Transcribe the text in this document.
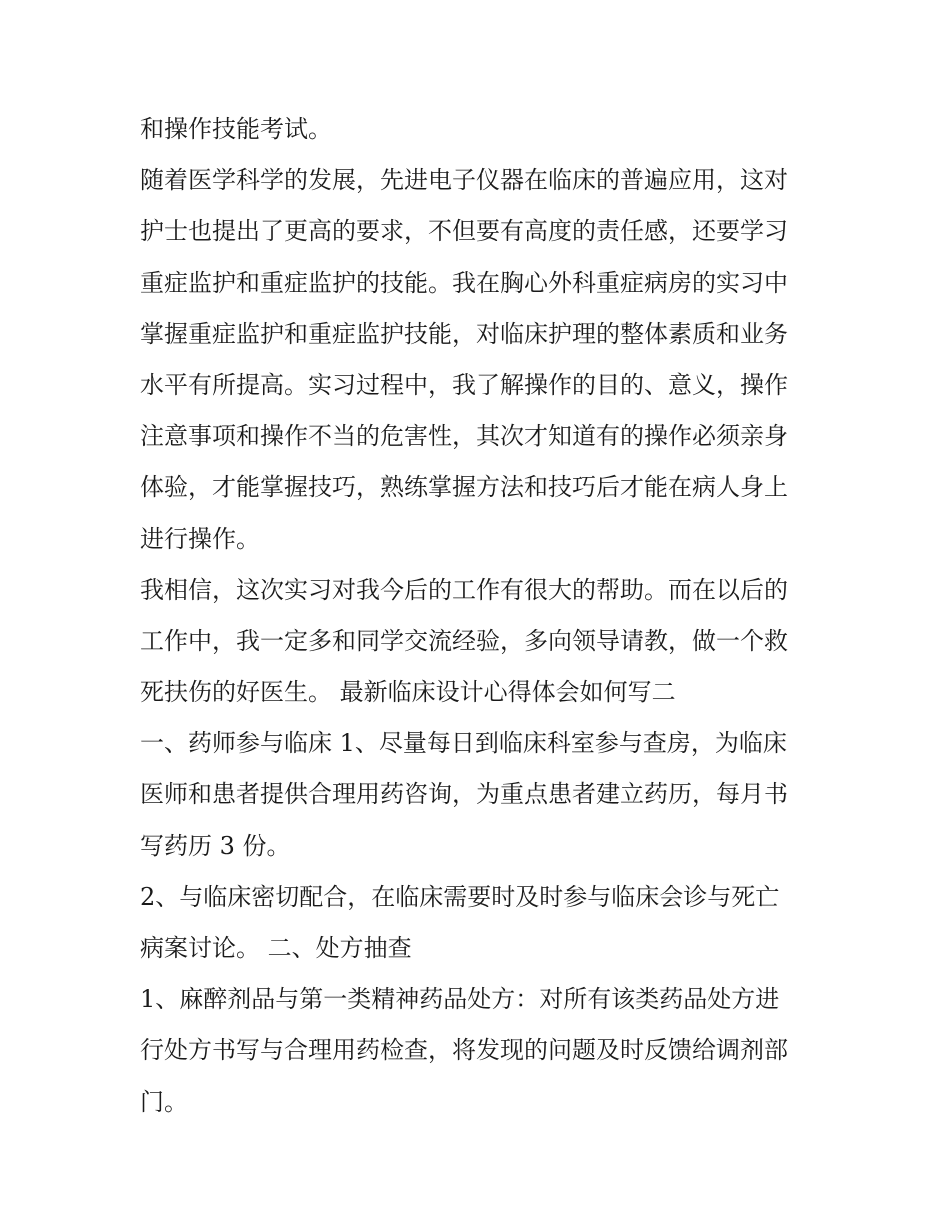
和操作技能考试。
随着医学科学的发展，先进电子仪器在临床的普遍应用，这对
护士也提出了更高的要求，不但要有高度的责任感，还要学习
重症监护和重症监护的技能。我在胸心外科重症病房的实习中
掌握重症监护和重症监护技能，对临床护理的整体素质和业务
水平有所提高。实习过程中，我了解操作的目的、意义，操作
注意事项和操作不当的危害性，其次才知道有的操作必须亲身
体验，才能掌握技巧，熟练掌握方法和技巧后才能在病人身上
进行操作。
我相信，这次实习对我今后的工作有很大的帮助。而在以后的
工作中，我一定多和同学交流经验，多向领导请教，做一个救
死扶伤的好医生。 最新临床设计心得体会如何写二
一、药师参与临床 1、尽量每日到临床科室参与查房，为临床
医师和患者提供合理用药咨询，为重点患者建立药历，每月书
写药历 3 份。
2、与临床密切配合，在临床需要时及时参与临床会诊与死亡
病案讨论。 二、处方抽查
1、麻醉剂品与第一类精神药品处方：对所有该类药品处方进
行处方书写与合理用药检查，将发现的问题及时反馈给调剂部
门。
